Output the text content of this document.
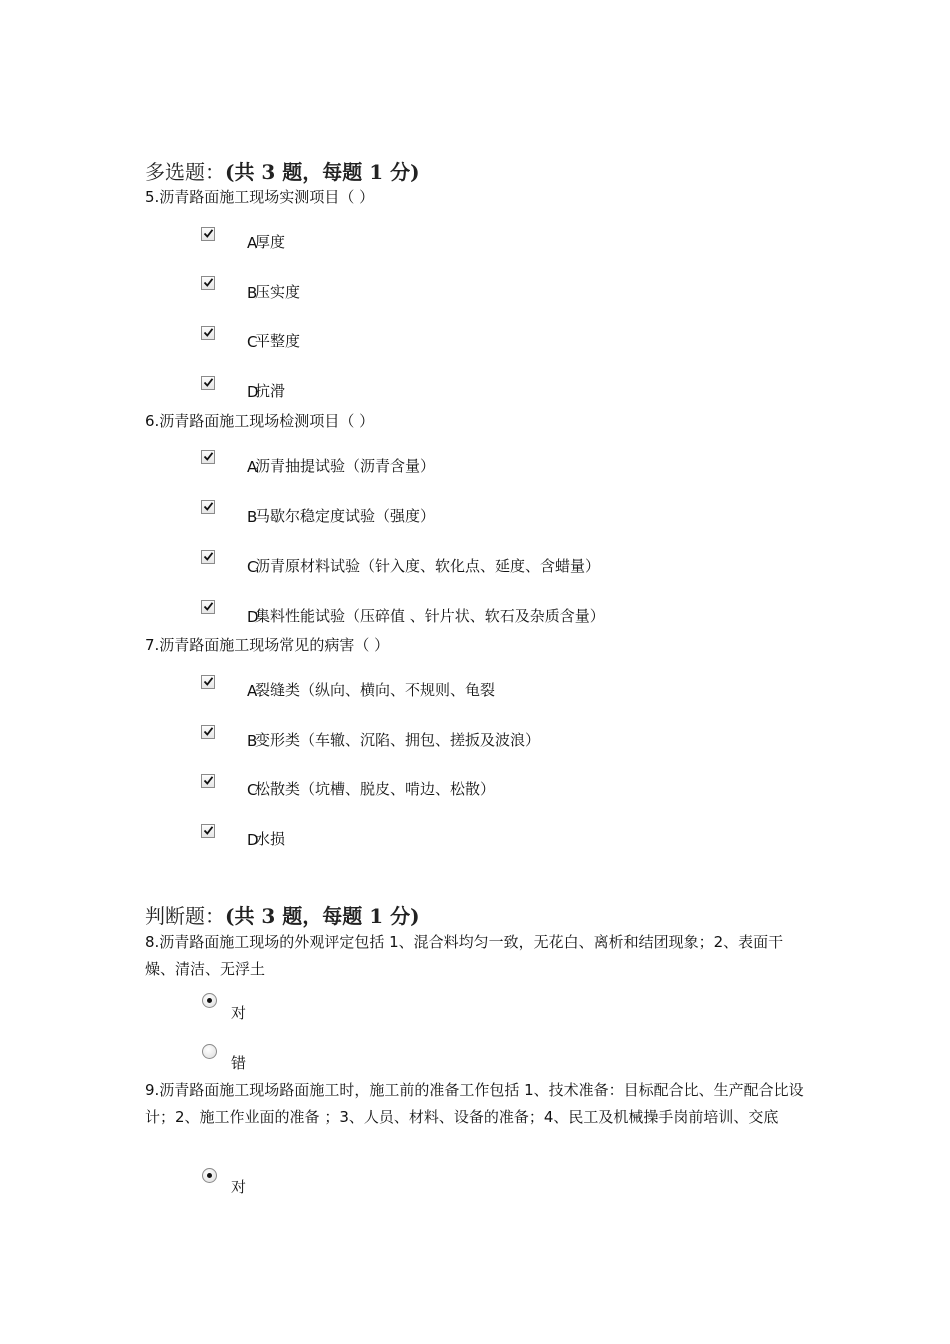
多选题：(共 3 题，每题 1 分)
5.沥青路面施工现场实测项目（ ）
A厚度
B压实度
C平整度
D抗滑
6.沥青路面施工现场检测项目（ ）
A沥青抽提试验（沥青含量）
B马歇尔稳定度试验（强度）
C沥青原材料试验（针入度、软化点、延度、含蜡量）
D集料性能试验（压碎值 、针片状、软石及杂质含量）
7.沥青路面施工现场常见的病害（ ）
A裂缝类（纵向、横向、不规则、龟裂
B变形类（车辙、沉陷、拥包、搓扳及波浪）
C松散类（坑槽、脱皮、啃边、松散）
D水损
判断题：(共 3 题，每题 1 分)
8.沥青路面施工现场的外观评定包括 1、混合料均匀一致，无花白、离析和结团现象；2、表面干燥、清洁、无浮土
对
错
9.沥青路面施工现场路面施工时，施工前的准备工作包括 1、技术准备：目标配合比、生产配合比设计；2、施工作业面的准备 ；3、人员、材料、设备的准备；4、民工及机械操手岗前培训、交底
对
